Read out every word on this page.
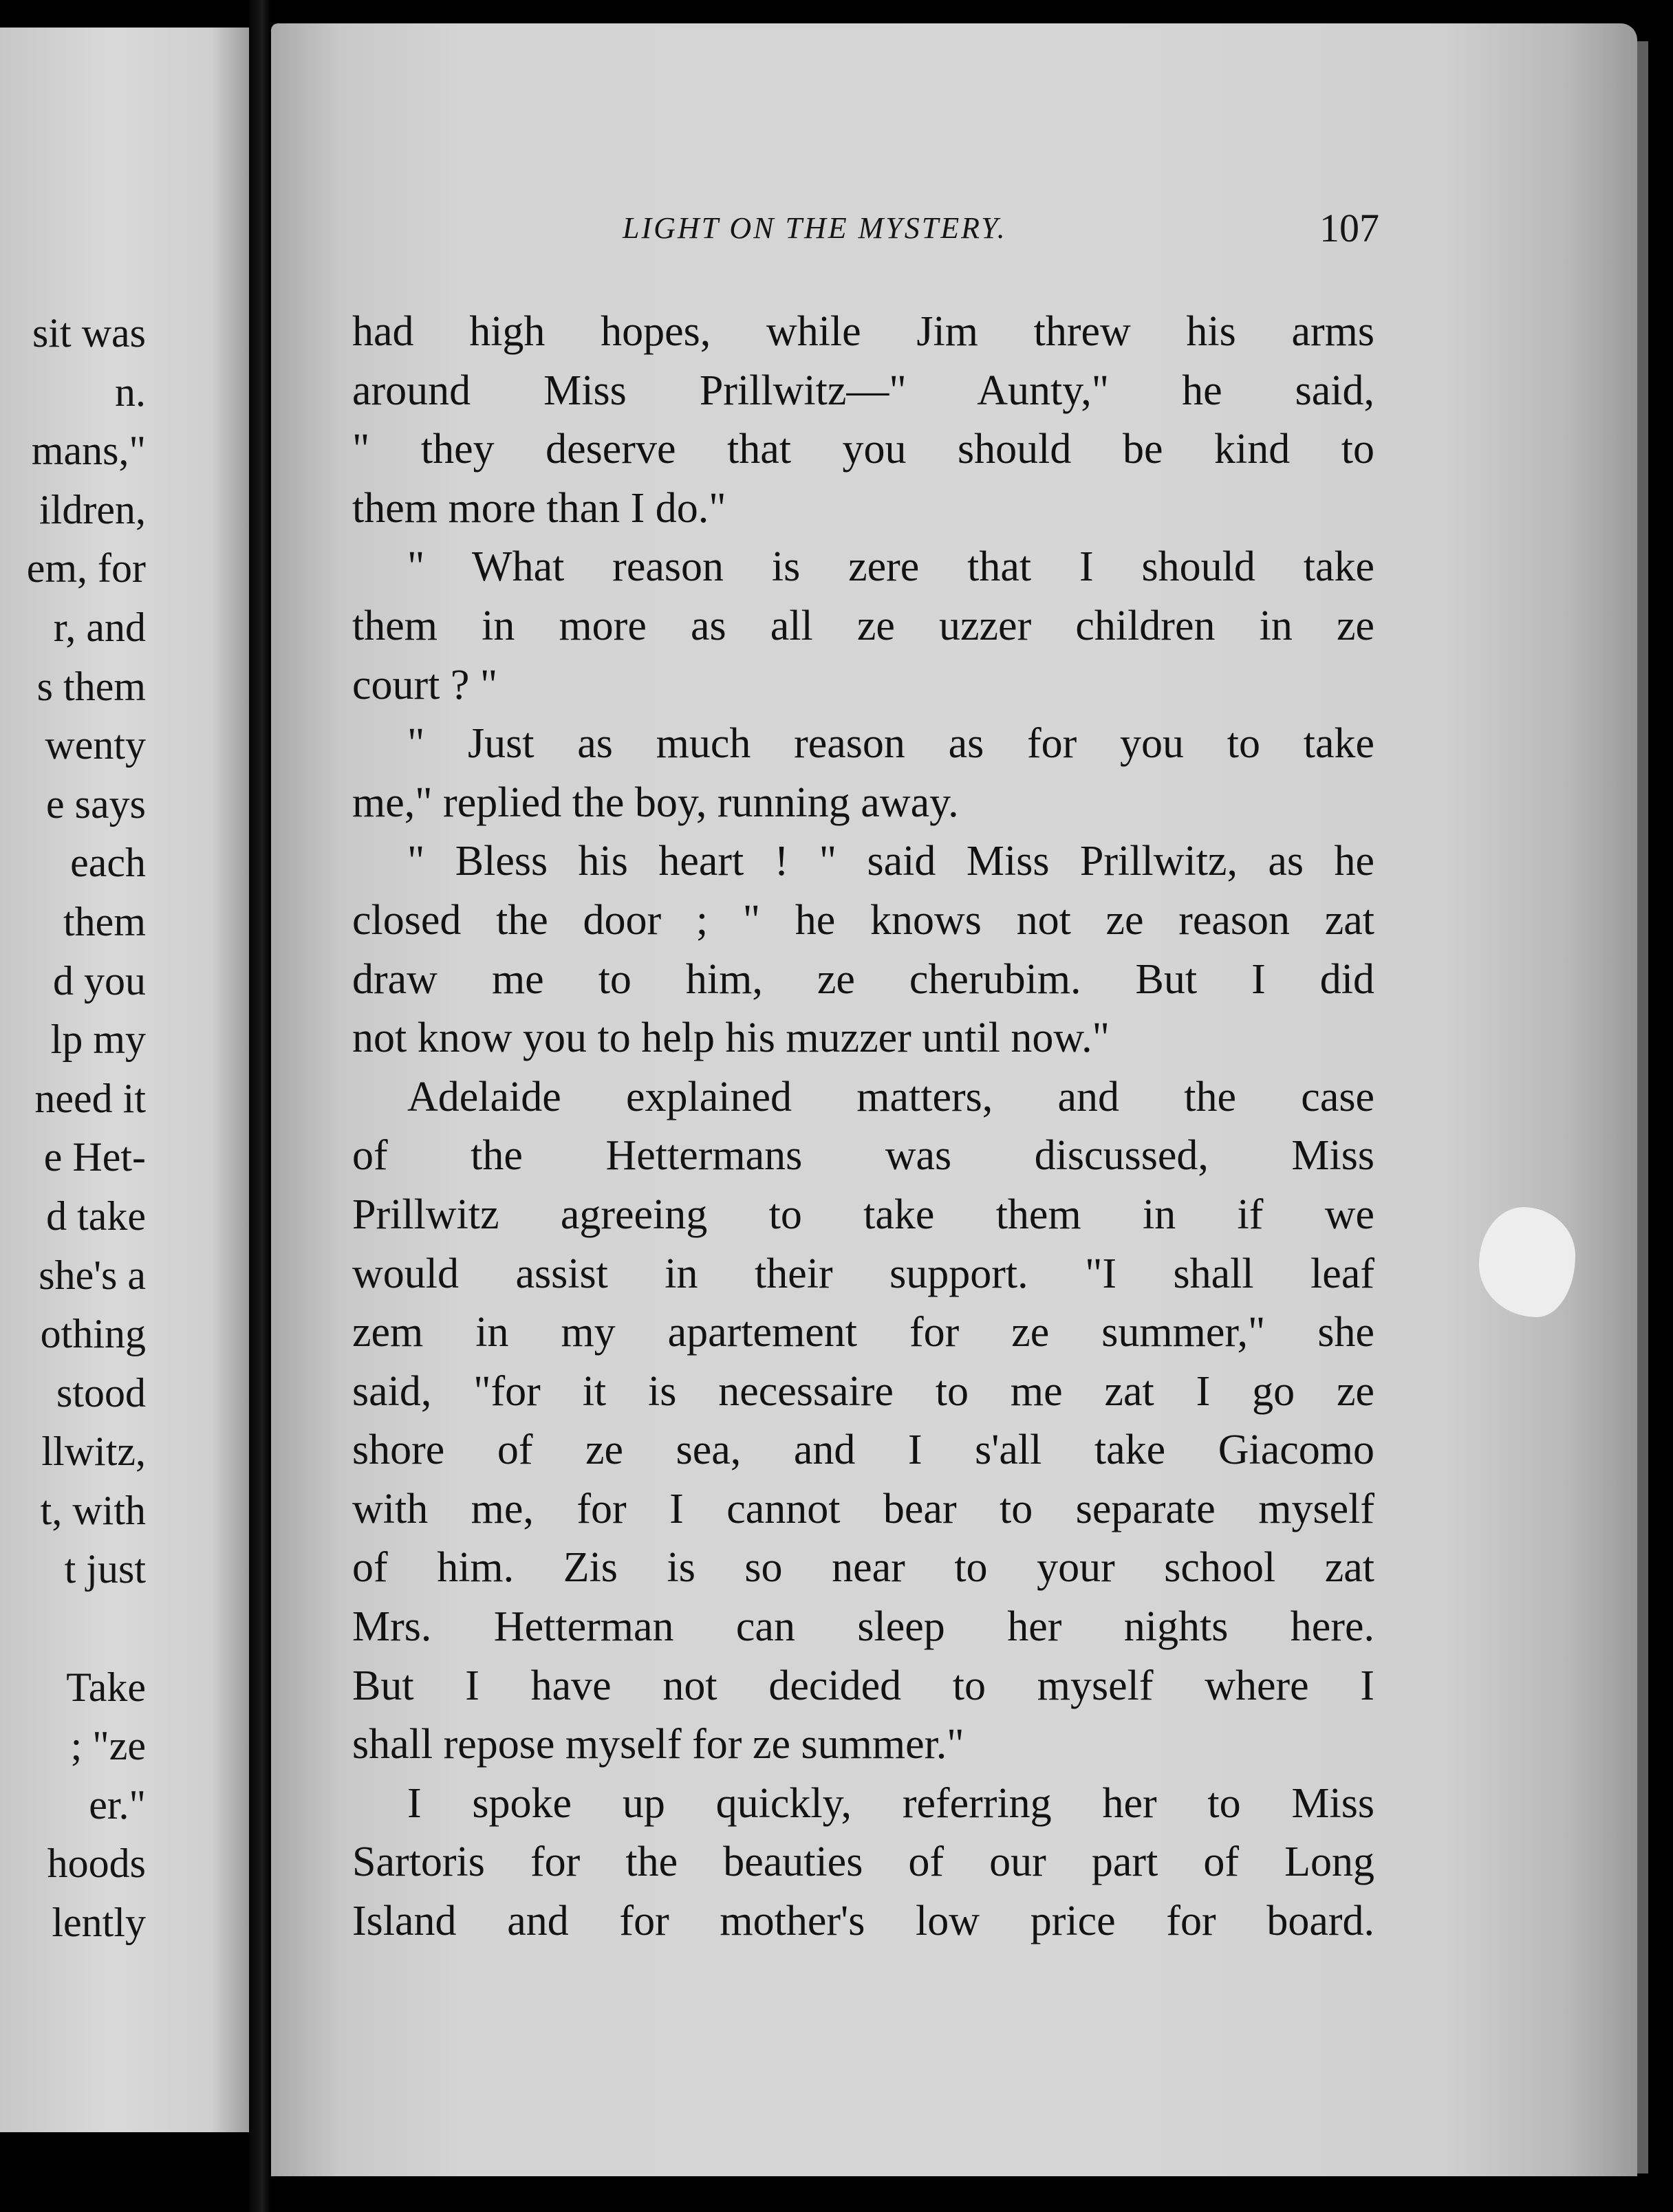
sit was
n.
mans,"
ildren,
em, for
r, and
s them
wenty
e says
each
them
d you
lp my
need it
e Het-
d take
she's a
othing
stood
llwitz,
t, with
t just
Take
; "ze
er."
hoods
lently
LIGHT ON THE MYSTERY.	107
had high hopes, while Jim threw his arms
around Miss Prillwitz—" Aunty," he said,
" they deserve that you should be kind to
them more than I do."
" What reason is zere that I should take
them in more as all ze uzzer children in ze
court ? "
" Just as much reason as for you to take
me," replied the boy, running away.
" Bless his heart ! " said Miss Prillwitz, as he
closed the door ; " he knows not ze reason zat
draw me to him, ze cherubim. But I did
not know you to help his muzzer until now."
Adelaide explained matters, and the case
of the Hettermans was discussed, Miss
Prillwitz agreeing to take them in if we
would assist in their support. "I shall leaf
zem in my apartement for ze summer," she
said, "for it is necessaire to me zat I go ze
shore of ze sea, and I s'all take Giacomo
with me, for I cannot bear to separate myself
of him. Zis is so near to your school zat
Mrs. Hetterman can sleep her nights here.
But I have not decided to myself where I
shall repose myself for ze summer."
I spoke up quickly, referring her to Miss
Sartoris for the beauties of our part of Long
Island and for mother's low price for board.
